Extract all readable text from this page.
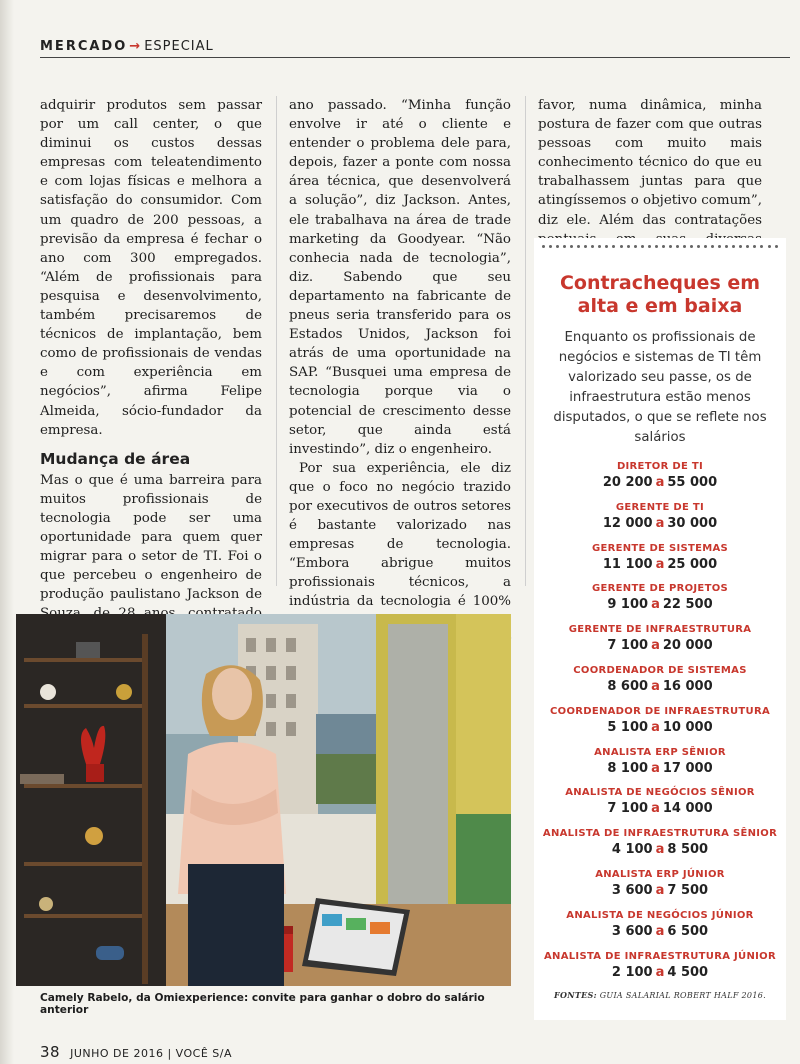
MERCADO → ESPECIAL

adquirir produtos sem passar por um call center, o que diminui os custos dessas empresas com teleatendimento e com lojas físicas e melhora a satisfação do consumidor. Com um quadro de 200 pessoas, a previsão da empresa é fechar o ano com 300 empregados. “Além de profissionais para pesquisa e desenvolvimento, também precisaremos de técnicos de implantação, bem como de profissionais de vendas e com experiência em negócios”, afirma Felipe Almeida, sócio-fundador da empresa.

Mudança de área

Mas o que é uma barreira para muitos profissionais de tecnologia pode ser uma oportunidade para quem quer migrar para o setor de TI. Foi o que percebeu o engenheiro de produção paulistano Jackson de

ano passado. “Minha função envolve ir até o cliente e entender o problema dele para, depois, fazer a ponte com nossa área técnica, que desenvolverá a solução”, diz Jackson. Antes, ele trabalhava na área de trade marketing da Goodyear. “Não conhecia nada de tecnologia”, diz. Sabendo que seu departamento na fabricante de pneus seria transferido para os Estados Unidos, Jackson foi atrás de uma oportunidade na SAP. “Busquei uma empresa de tecnologia porque via o potencial de crescimento desse setor, que ainda está investindo”, diz o engenheiro.

Por sua experiência, ele diz que o foco no negócio trazido por executivos de outros setores é bastante valorizado nas empresas de tecnologia. “Embora abrigue muitos profissionais técnicos, a indústria da tecnologia é 100%

favor, numa dinâmica, minha postura de fazer com que outras pessoas com muito mais conhecimento técnico do que eu trabalhassem juntas para que atingíssemos o objetivo comum”, diz ele. Além das contratações

Contracheques em alta e em baixa
Enquanto os profissionais de negócios e sistemas de TI têm valorizado seu passe, os de infraestrutura estão menos disputados, o que se reflete nos salários
DIRETOR DE TI
20 200 a 55 000
GERENTE DE TI
12 000 a 30 000
GERENTE DE SISTEMAS
11 100 a 25 000
GERENTE DE PROJETOS
9 100 a 22 500
GERENTE DE INFRAESTRUTURA
7 100 a 20 000
COORDENADOR DE SISTEMAS
8 600 a 16 000
COORDENADOR DE INFRAESTRUTURA
5 100 a 10 000
ANALISTA ERP SÊNIOR
8 100 a 17 000
ANALISTA DE NEGÓCIOS SÊNIOR
7 100 a 14 000
ANALISTA DE INFRAESTRUTURA SÊNIOR
4 100 a 8 500
ANALISTA ERP JÚNIOR
3 600 a 7 500
ANALISTA DE NEGÓCIOS JÚNIOR
3 600 a 6 500
ANALISTA DE INFRAESTRUTURA JÚNIOR
2 100 a 4 500
FONTES: GUIA SALARIAL ROBERT HALF 2016.
Camely Rabelo, da Omiexperience: convite para ganhar o dobro do salário anterior
38 JUNHO DE 2016 | VOCÊ S/A
